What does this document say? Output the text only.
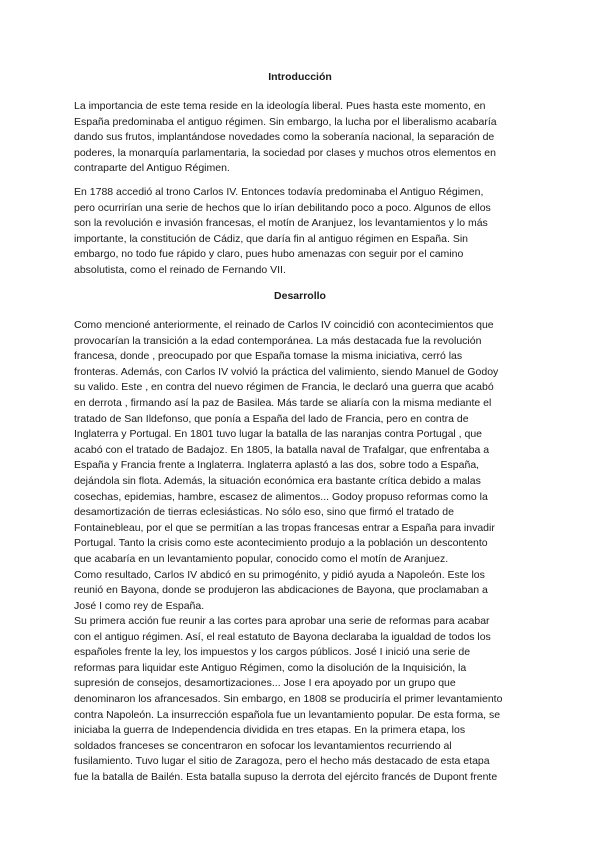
Introducción

La importancia de este tema reside en la ideología liberal. Pues hasta este momento, en
España predominaba el antiguo régimen. Sin embargo, la lucha por el liberalismo acabaría
dando sus frutos, implantándose novedades como la soberanía nacional, la separación de
poderes, la monarquía parlamentaria, la sociedad por clases y muchos otros elementos en
contraparte del Antiguo Régimen.

En 1788 accedió al trono Carlos IV. Entonces todavía predominaba el Antiguo Régimen,
pero ocurrirían una serie de hechos que lo irían debilitando poco a poco. Algunos de ellos
son la revolución e invasión francesas, el motín de Aranjuez, los levantamientos y lo más
importante, la constitución de Cádiz, que daría fin al antiguo régimen en España. Sin
embargo, no todo fue rápido y claro, pues hubo amenazas con seguir por el camino
absolutista, como el reinado de Fernando VII.

Desarrollo

Como mencioné anteriormente, el reinado de Carlos IV coincidió con acontecimientos que
provocarían la transición a la edad contemporánea. La más destacada fue la revolución
francesa, donde , preocupado por que España tomase la misma iniciativa, cerró las
fronteras. Además, con Carlos IV volvió la práctica del valimiento, siendo Manuel de Godoy
su valido. Este , en contra del nuevo régimen de Francia, le declaró una guerra que acabó
en derrota , firmando así la paz de Basilea. Más tarde se aliaría con la misma mediante el
tratado de San Ildefonso, que ponía a España del lado de Francia, pero en contra de
Inglaterra y Portugal. En 1801 tuvo lugar la batalla de las naranjas contra Portugal , que
acabó con el tratado de Badajoz. En 1805, la batalla naval de Trafalgar, que enfrentaba a
España y Francia frente a Inglaterra. Inglaterra aplastó a las dos, sobre todo a España,
dejándola sin flota. Además, la situación económica era bastante crítica debido a malas
cosechas, epidemias, hambre, escasez de alimentos... Godoy propuso reformas como la
desamortización de tierras eclesiásticas. No sólo eso, sino que firmó el tratado de
Fontainebleau, por el que se permitían a las tropas francesas entrar a España para invadir
Portugal. Tanto la crisis como este acontecimiento produjo a la población un descontento
que acabaría en un levantamiento popular, conocido como el motín de Aranjuez.
Como resultado, Carlos IV abdicó en su primogénito, y pidió ayuda a Napoleón. Este los
reunió en Bayona, donde se produjeron las abdicaciones de Bayona, que proclamaban a
José I como rey de España.

Su primera acción fue reunir a las cortes para aprobar una serie de reformas para acabar
con el antiguo régimen. Así, el real estatuto de Bayona declaraba la igualdad de todos los
españoles frente la ley, los impuestos y los cargos públicos. José I inició una serie de
reformas para liquidar este Antiguo Régimen, como la disolución de la Inquisición, la
supresión de consejos, desamortizaciones... Jose I era apoyado por un grupo que
denominaron los afrancesados. Sin embargo, en 1808 se produciría el primer levantamiento
contra Napoleón. La insurrección española fue un levantamiento popular. De esta forma, se
iniciaba la guerra de Independencia dividida en tres etapas. En la primera etapa, los
soldados franceses se concentraron en sofocar los levantamientos recurriendo al
fusilamiento. Tuvo lugar el sitio de Zaragoza, pero el hecho más destacado de esta etapa
fue la batalla de Bailén. Esta batalla supuso la derrota del ejército francés de Dupont frente
